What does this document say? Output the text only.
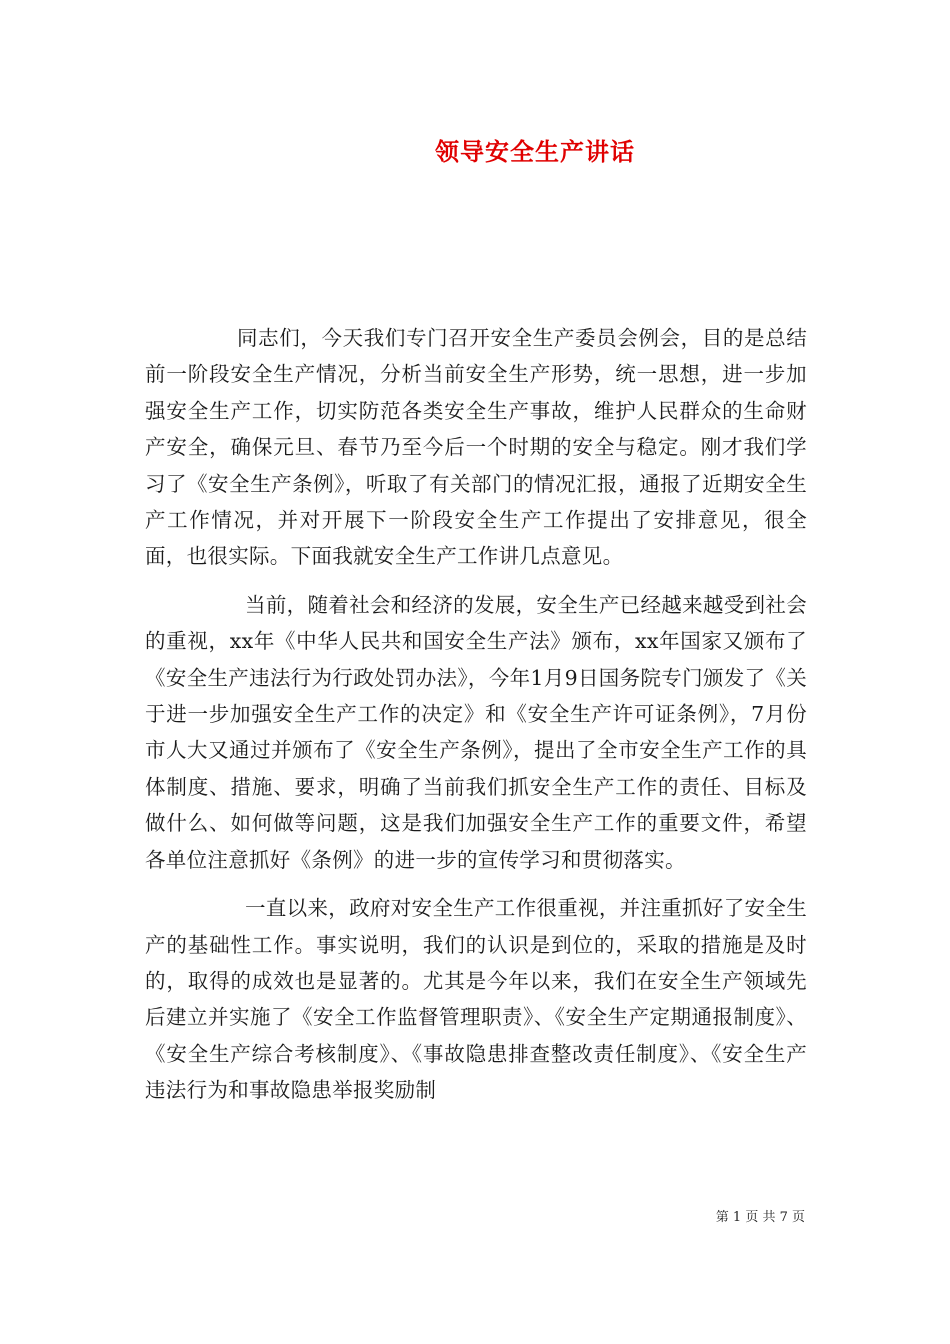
领导安全生产讲话

同志们，今天我们专门召开安全生产委员会例会，目的是总结前一阶段安全生产情况，分析当前安全生产形势，统一思想，进一步加强安全生产工作，切实防范各类安全生产事故，维护人民群众的生命财产安全，确保元旦、春节乃至今后一个时期的安全与稳定。刚才我们学习了《安全生产条例》，听取了有关部门的情况汇报，通报了近期安全生产工作情况，并对开展下一阶段安全生产工作提出了安排意见，很全面，也很实际。下面我就安全生产工作讲几点意见。

当前，随着社会和经济的发展，安全生产已经越来越受到社会的重视，xx年《中华人民共和国安全生产法》颁布，xx年国家又颁布了《安全生产违法行为行政处罚办法》，今年1月9日国务院专门颁发了《关于进一步加强安全生产工作的决定》和《安全生产许可证条例》，7月份市人大又通过并颁布了《安全生产条例》，提出了全市安全生产工作的具体制度、措施、要求，明确了当前我们抓安全生产工作的责任、目标及做什么、如何做等问题，这是我们加强安全生产工作的重要文件，希望各单位注意抓好《条例》的进一步的宣传学习和贯彻落实。

一直以来，政府对安全生产工作很重视，并注重抓好了安全生产的基础性工作。事实说明，我们的认识是到位的，采取的措施是及时的，取得的成效也是显著的。尤其是今年以来，我们在安全生产领域先后建立并实施了《安全工作监督管理职责》、《安全生产定期通报制度》、《安全生产综合考核制度》、《事故隐患排查整改责任制度》、《安全生产违法行为和事故隐患举报奖励制

第 1 页 共 7 页
